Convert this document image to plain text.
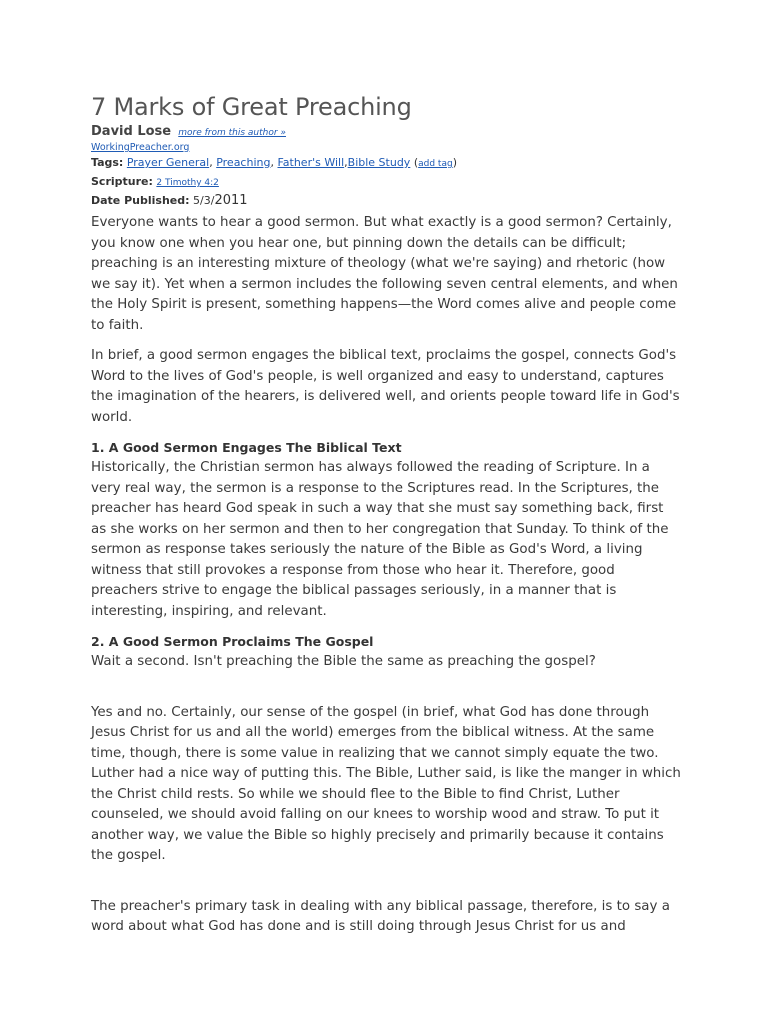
7 Marks of Great Preaching
David Lose more from this author »
WorkingPreacher.org
Tags: Prayer General, Preaching, Father's Will,Bible Study (add tag)
Scripture: 2 Timothy 4:2
Date Published: 5/3/2011

Everyone wants to hear a good sermon. But what exactly is a good sermon? Certainly, you know one when you hear one, but pinning down the details can be difficult; preaching is an interesting mixture of theology (what we're saying) and rhetoric (how we say it). Yet when a sermon includes the following seven central elements, and when the Holy Spirit is present, something happens—the Word comes alive and people come to faith.

In brief, a good sermon engages the biblical text, proclaims the gospel, connects God's Word to the lives of God's people, is well organized and easy to understand, captures the imagination of the hearers, is delivered well, and orients people toward life in God's world.

1. A Good Sermon Engages The Biblical Text

Historically, the Christian sermon has always followed the reading of Scripture. In a very real way, the sermon is a response to the Scriptures read. In the Scriptures, the preacher has heard God speak in such a way that she must say something back, first as she works on her sermon and then to her congregation that Sunday. To think of the sermon as response takes seriously the nature of the Bible as God's Word, a living witness that still provokes a response from those who hear it. Therefore, good preachers strive to engage the biblical passages seriously, in a manner that is interesting, inspiring, and relevant.

2. A Good Sermon Proclaims The Gospel

Wait a second. Isn't preaching the Bible the same as preaching the gospel?

Yes and no. Certainly, our sense of the gospel (in brief, what God has done through Jesus Christ for us and all the world) emerges from the biblical witness. At the same time, though, there is some value in realizing that we cannot simply equate the two. Luther had a nice way of putting this. The Bible, Luther said, is like the manger in which the Christ child rests. So while we should flee to the Bible to find Christ, Luther counseled, we should avoid falling on our knees to worship wood and straw. To put it another way, we value the Bible so highly precisely and primarily because it contains the gospel.

The preacher's primary task in dealing with any biblical passage, therefore, is to say a word about what God has done and is still doing through Jesus Christ for us and
